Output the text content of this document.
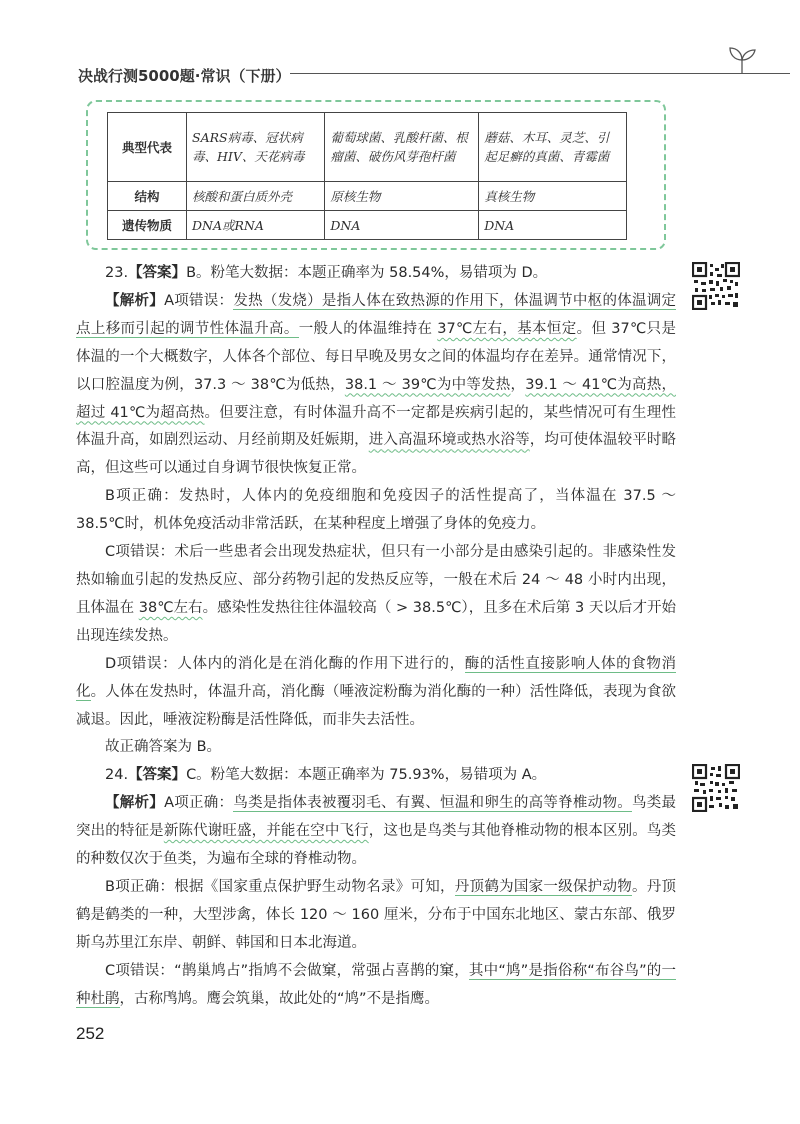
决战行测5000题·常识（下册）
典型代表	SARS病毒、冠状病毒、HIV、天花病毒	葡萄球菌、乳酸杆菌、根瘤菌、破伤风芽孢杆菌	蘑菇、木耳、灵芝、引起足癣的真菌、青霉菌
结构	核酸和蛋白质外壳	原核生物	真核生物
遗传物质	DNA或RNA	DNA	DNA

23.【答案】B。粉笔大数据：本题正确率为 58.54%，易错项为 D。

【解析】A项错误：发热（发烧）是指人体在致热源的作用下，体温调节中枢的体温调定点上移而引起的调节性体温升高。一般人的体温维持在 37℃左右，基本恒定。但 37℃只是体温的一个大概数字，人体各个部位、每日早晚及男女之间的体温均存在差异。通常情况下，以口腔温度为例，37.3 ～ 38℃为低热，38.1 ～ 39℃为中等发热，39.1 ～ 41℃为高热，超过 41℃为超高热。但要注意，有时体温升高不一定都是疾病引起的，某些情况可有生理性体温升高，如剧烈运动、月经前期及妊娠期，进入高温环境或热水浴等，均可使体温较平时略高，但这些可以通过自身调节很快恢复正常。

B项正确：发热时，人体内的免疫细胞和免疫因子的活性提高了，当体温在 37.5 ～ 38.5℃时，机体免疫活动非常活跃，在某种程度上增强了身体的免疫力。

C项错误：术后一些患者会出现发热症状，但只有一小部分是由感染引起的。非感染性发热如输血引起的发热反应、部分药物引起的发热反应等，一般在术后 24 ～ 48 小时内出现，且体温在 38℃左右。感染性发热往往体温较高（ > 38.5℃），且多在术后第 3 天以后才开始出现连续发热。

D项错误：人体内的消化是在消化酶的作用下进行的，酶的活性直接影响人体的食物消化。人体在发热时，体温升高，消化酶（唾液淀粉酶为消化酶的一种）活性降低，表现为食欲减退。因此，唾液淀粉酶是活性降低，而非失去活性。

故正确答案为 B。

24.【答案】C。粉笔大数据：本题正确率为 75.93%，易错项为 A。

【解析】A项正确：鸟类是指体表被覆羽毛、有翼、恒温和卵生的高等脊椎动物。鸟类最突出的特征是新陈代谢旺盛，并能在空中飞行，这也是鸟类与其他脊椎动物的根本区别。鸟类的种数仅次于鱼类，为遍布全球的脊椎动物。

B项正确：根据《国家重点保护野生动物名录》可知，丹顶鹤为国家一级保护动物。丹顶鹤是鹤类的一种，大型涉禽，体长 120 ～ 160 厘米，分布于中国东北地区、蒙古东部、俄罗斯乌苏里江东岸、朝鲜、韩国和日本北海道。

C项错误：“鹊巢鸠占”指鸠不会做窠，常强占喜鹊的窠，其中“鸠”是指俗称“布谷鸟”的一种杜鹃，古称鸤鸠。鹰会筑巢，故此处的“鸠”不是指鹰。

252
